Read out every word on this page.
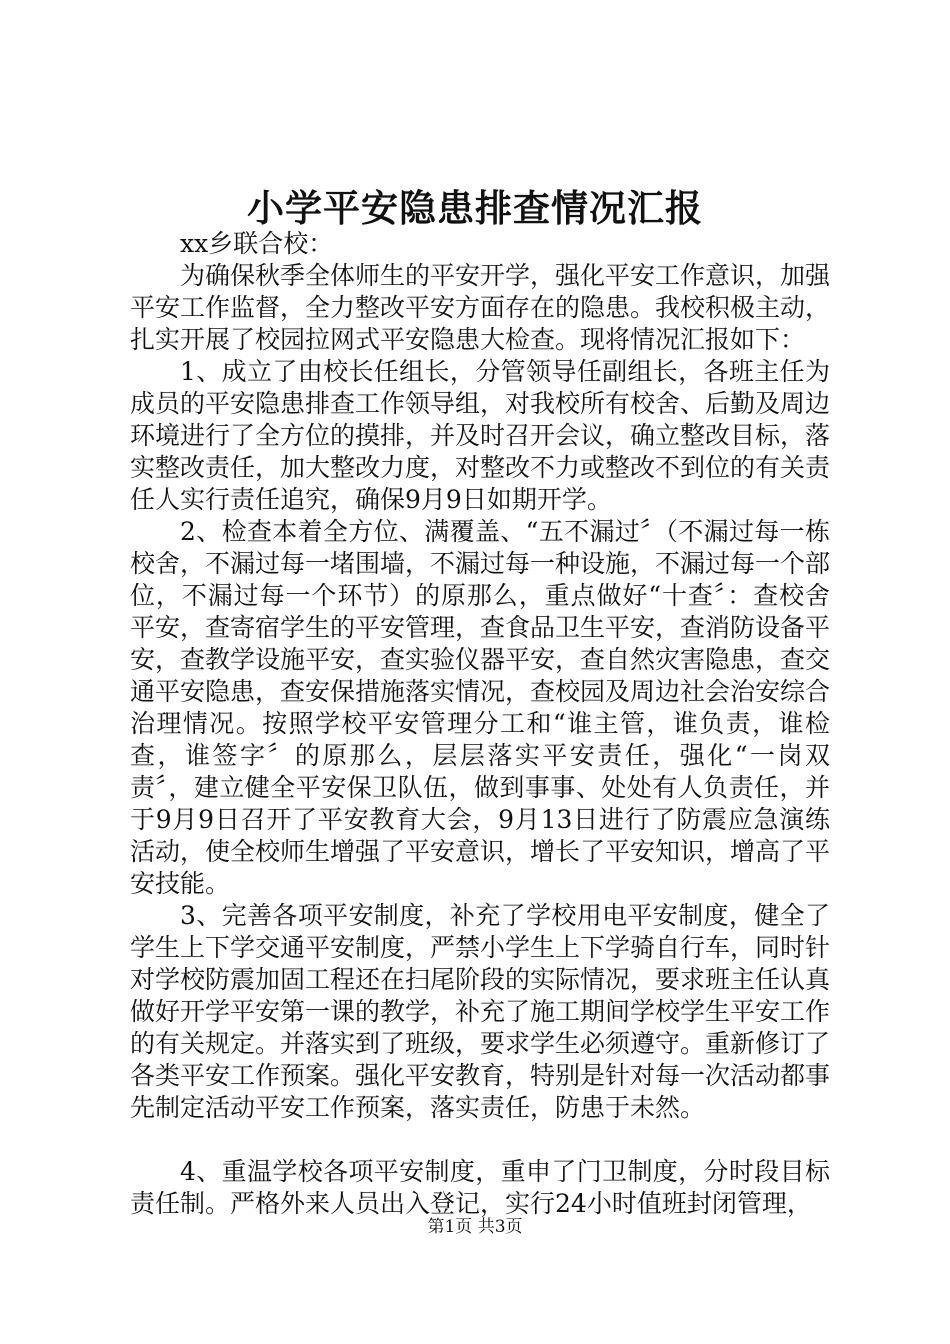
小学平安隐患排查情况汇报

xx乡联合校：

为确保秋季全体师生的平安开学，强化平安工作意识，加强平安工作监督，全力整改平安方面存在的隐患。我校积极主动，扎实开展了校园拉网式平安隐患大检查。现将情况汇报如下：

1、成立了由校长任组长，分管领导任副组长，各班主任为成员的平安隐患排查工作领导组，对我校所有校舍、后勤及周边环境进行了全方位的摸排，并及时召开会议，确立整改目标，落实整改责任，加大整改力度，对整改不力或整改不到位的有关责任人实行责任追究，确保9月9日如期开学。

2、检查本着全方位、满覆盖、“五不漏过〞（不漏过每一栋校舍，不漏过每一堵围墙，不漏过每一种设施，不漏过每一个部位，不漏过每一个环节）的原那么，重点做好“十查〞：查校舍平安，查寄宿学生的平安管理，查食品卫生平安，查消防设备平安，查教学设施平安，查实验仪器平安，查自然灾害隐患，查交通平安隐患，查安保措施落实情况，查校园及周边社会治安综合治理情况。按照学校平安管理分工和“谁主管，谁负责，谁检查，谁签字〞的原那么，层层落实平安责任，强化“一岗双责〞，建立健全平安保卫队伍，做到事事、处处有人负责任，并于9月9日召开了平安教育大会，9月13日进行了防震应急演练活动，使全校师生增强了平安意识，增长了平安知识，增高了平安技能。

3、完善各项平安制度，补充了学校用电平安制度，健全了学生上下学交通平安制度，严禁小学生上下学骑自行车，同时针对学校防震加固工程还在扫尾阶段的实际情况，要求班主任认真做好开学平安第一课的教学，补充了施工期间学校学生平安工作的有关规定。并落实到了班级，要求学生必须遵守。重新修订了各类平安工作预案。强化平安教育，特别是针对每一次活动都事先制定活动平安工作预案，落实责任，防患于未然。

4、重温学校各项平安制度，重申了门卫制度，分时段目标责任制。严格外来人员出入登记，实行24小时值班封闭管理，

第1页 共3页
